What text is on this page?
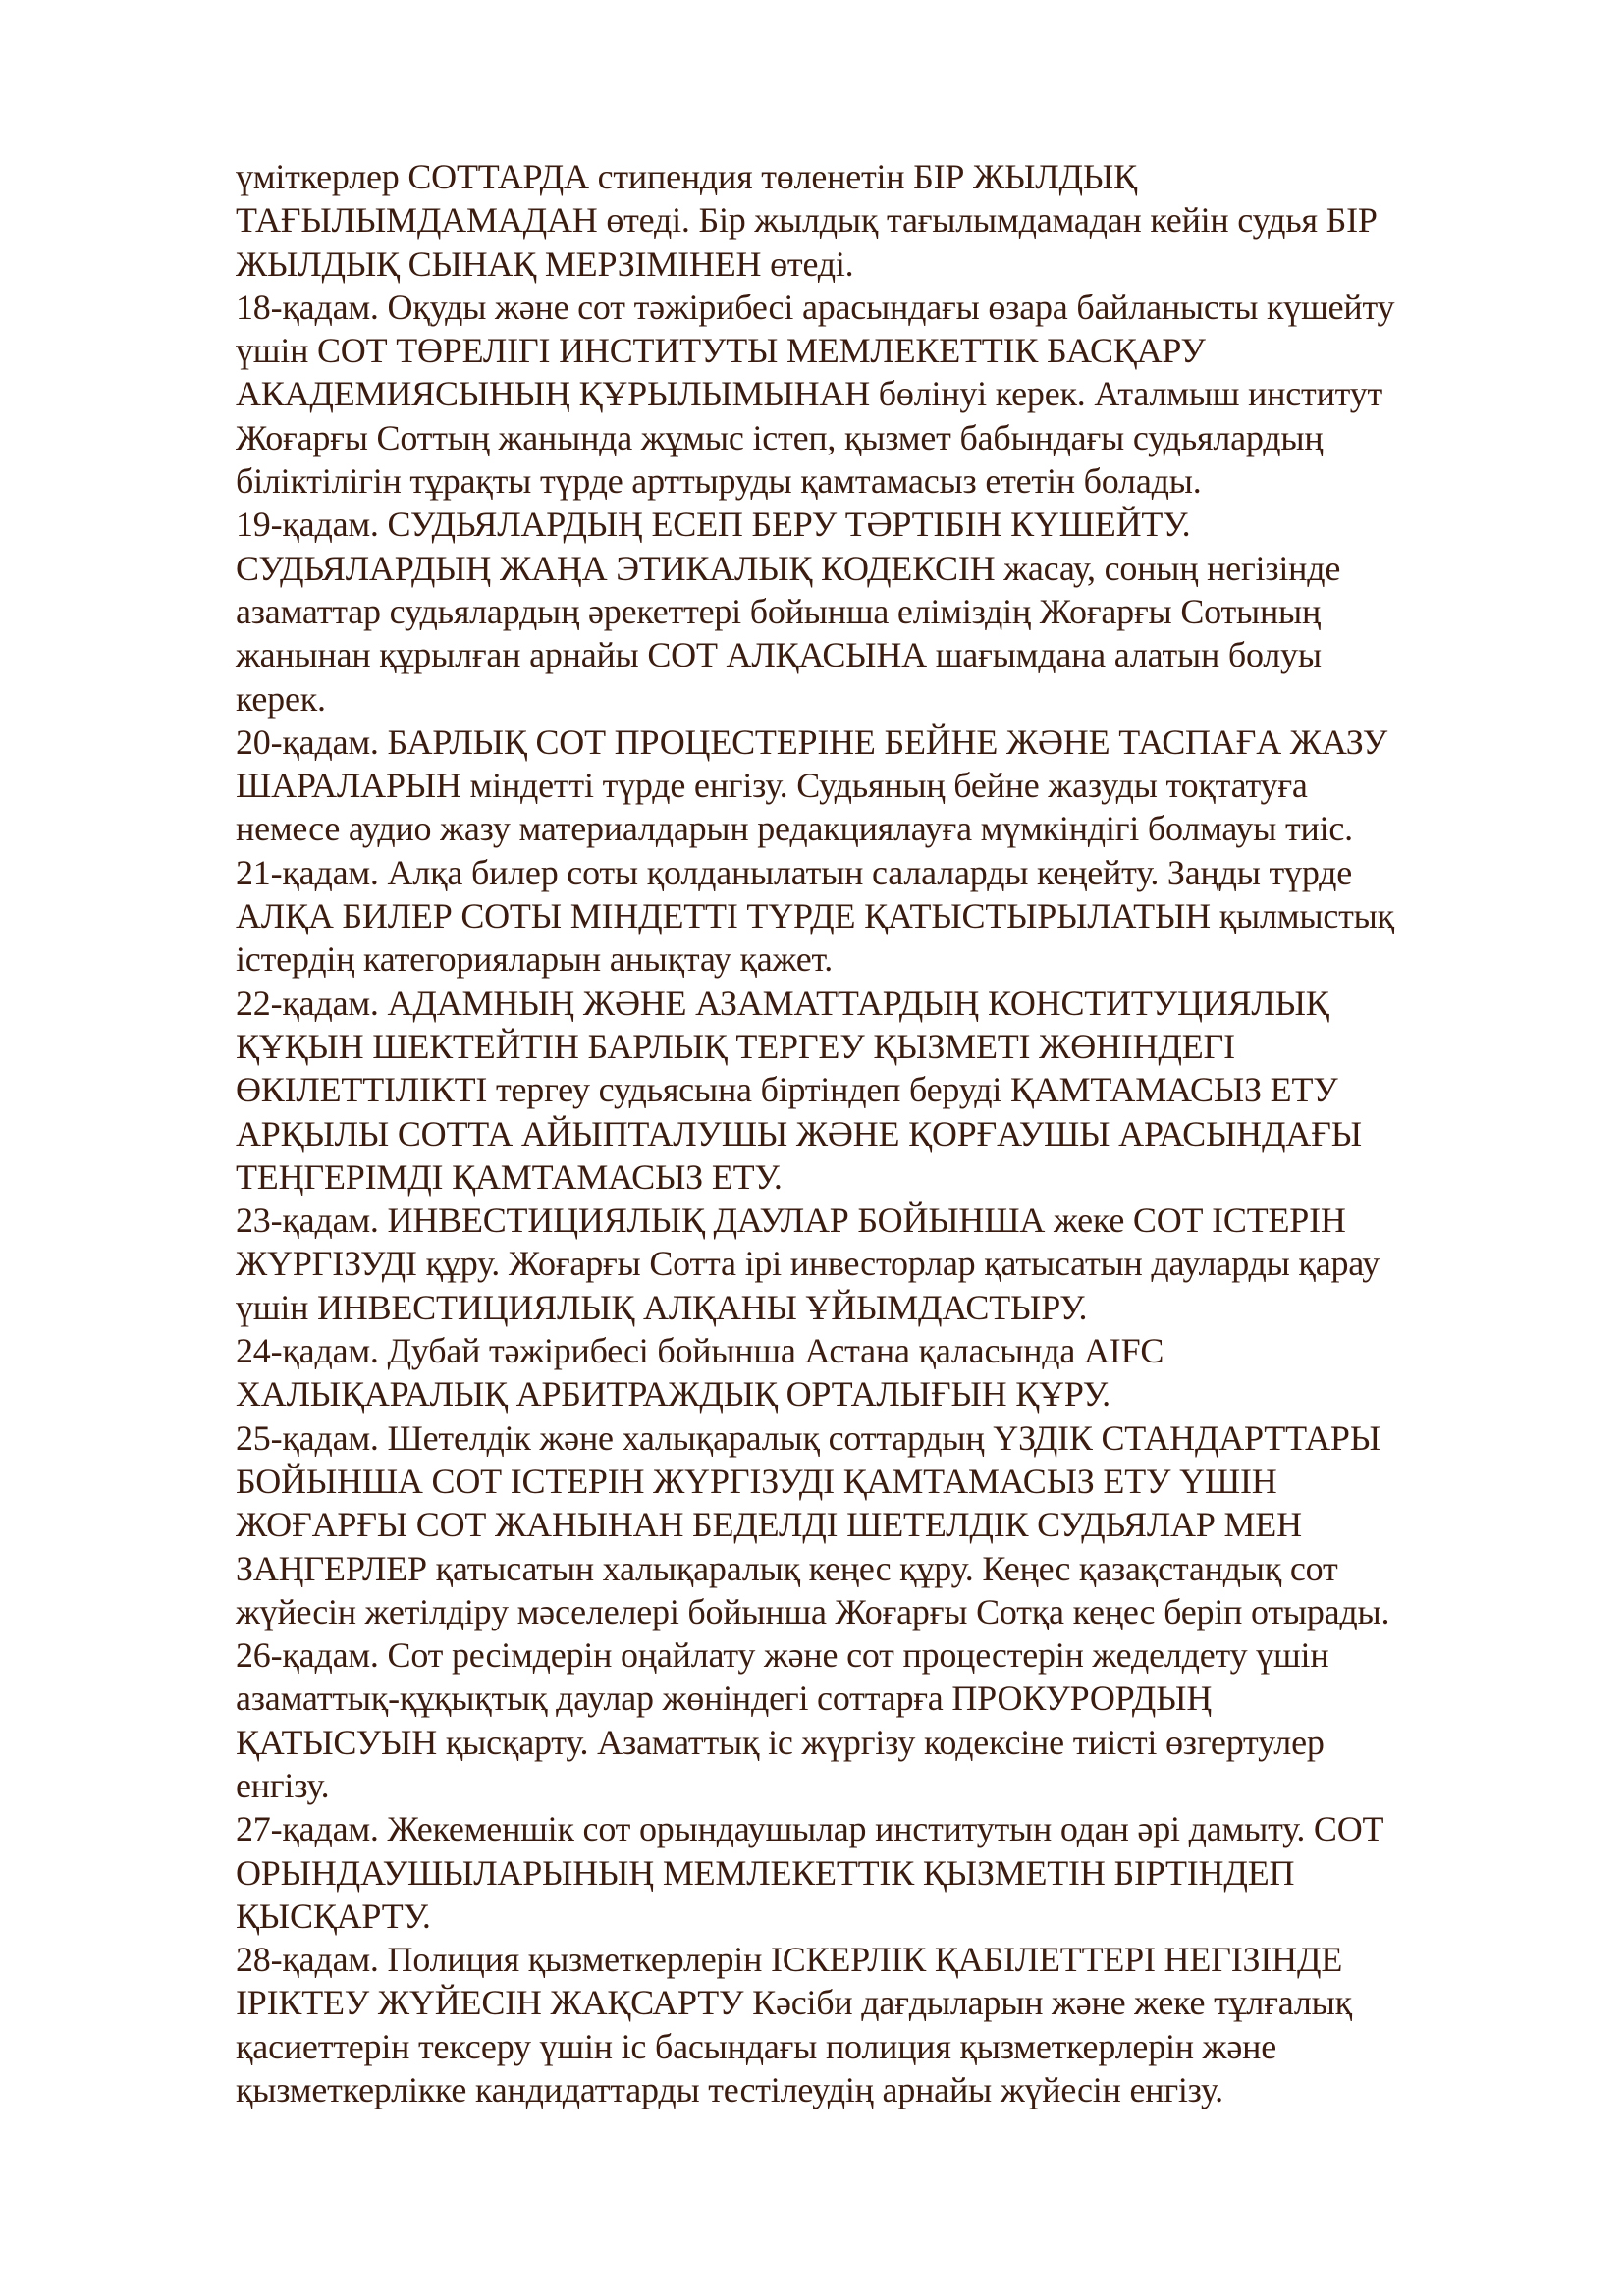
үміткерлер СОТТАРДА стипендия төленетін БІР ЖЫЛДЫҚ
ТАҒЫЛЫМДАМАДАН өтеді. Бір жылдық тағылымдамадан кейін судья БІР
ЖЫЛДЫҚ СЫНАҚ МЕРЗІМІНЕН өтеді.
18-қадам. Оқуды және сот тәжірибесі арасындағы өзара байланысты күшейту
үшін СОТ ТӨРЕЛІГІ ИНСТИТУТЫ МЕМЛЕКЕТТІК БАСҚАРУ
АКАДЕМИЯСЫНЫҢ ҚҰРЫЛЫМЫНАН бөлінуі керек. Аталмыш институт
Жоғарғы Соттың жанында жұмыс істеп, қызмет бабындағы судьялардың
біліктілігін тұрақты түрде арттыруды қамтамасыз ететін болады.
19-қадам. СУДЬЯЛАРДЫҢ ЕСЕП БЕРУ ТӘРТІБІН КҮШЕЙТУ.
СУДЬЯЛАРДЫҢ ЖАҢА ЭТИКАЛЫҚ КОДЕКСІН жасау, соның негізінде
азаматтар судьялардың әрекеттері бойынша еліміздің Жоғарғы Сотының
жанынан құрылған арнайы СОТ АЛҚАСЫНА шағымдана алатын болуы
керек.
20-қадам. БАРЛЫҚ СОТ ПРОЦЕСТЕРІНЕ БЕЙНЕ ЖӘНЕ ТАСПАҒА ЖАЗУ
ШАРАЛАРЫН міндетті түрде енгізу. Судьяның бейне жазуды тоқтатуға
немесе аудио жазу материалдарын редакциялауға мүмкіндігі болмауы тиіс.
21-қадам. Алқа билер соты қолданылатын салаларды кеңейту. Заңды түрде
АЛҚА БИЛЕР СОТЫ МІНДЕТТІ ТҮРДЕ ҚАТЫСТЫРЫЛАТЫН қылмыстық
істердің категорияларын анықтау қажет.
22-қадам. АДАМНЫҢ ЖӘНЕ АЗАМАТТАРДЫҢ КОНСТИТУЦИЯЛЫҚ
ҚҰҚЫН ШЕКТЕЙТІН БАРЛЫҚ ТЕРГЕУ ҚЫЗМЕТІ ЖӨНІНДЕГІ
ӨКІЛЕТТІЛІКТІ тергеу судьясына біртіндеп беруді ҚАМТАМАСЫЗ ЕТУ
АРҚЫЛЫ СОТТА АЙЫПТАЛУШЫ ЖӘНЕ ҚОРҒАУШЫ АРАСЫНДАҒЫ
ТЕҢГЕРІМДІ ҚАМТАМАСЫЗ ЕТУ.
23-қадам. ИНВЕСТИЦИЯЛЫҚ ДАУЛАР БОЙЫНША жеке СОТ ІСТЕРІН
ЖҮРГІЗУДІ құру. Жоғарғы Сотта ірі инвесторлар қатысатын дауларды қарау
үшін ИНВЕСТИЦИЯЛЫҚ АЛҚАНЫ ҰЙЫМДАСТЫРУ.
24-қадам. Дубай тәжірибесі бойынша Астана қаласында AIFC
ХАЛЫҚАРАЛЫҚ АРБИТРАЖДЫҚ ОРТАЛЫҒЫН ҚҰРУ.
25-қадам. Шетелдік және халықаралық соттардың ҮЗДІК СТАНДАРТТАРЫ
БОЙЫНША СОТ ІСТЕРІН ЖҮРГІЗУДІ ҚАМТАМАСЫЗ ЕТУ ҮШІН
ЖОҒАРҒЫ СОТ ЖАНЫНАН БЕДЕЛДІ ШЕТЕЛДІК СУДЬЯЛАР МЕН
ЗАҢГЕРЛЕР қатысатын халықаралық кеңес құру. Кеңес қазақстандық сот
жүйесін жетілдіру мәселелері бойынша Жоғарғы Сотқа кеңес беріп отырады.
26-қадам. Сот ресімдерін оңайлату және сот процестерін жеделдету үшін
азаматтық-құқықтық даулар жөніндегі соттарға ПРОКУРОРДЫҢ
ҚАТЫСУЫН қысқарту. Азаматтық іс жүргізу кодексіне тиісті өзгертулер
енгізу.
27-қадам. Жекеменшік сот орындаушылар институтын одан әрі дамыту. СОТ
ОРЫНДАУШЫЛАРЫНЫҢ МЕМЛЕКЕТТІК ҚЫЗМЕТІН БІРТІНДЕП
ҚЫСҚАРТУ.
28-қадам. Полиция қызметкерлерін ІСКЕРЛІК ҚАБІЛЕТТЕРІ НЕГІЗІНДЕ
ІРІКТЕУ ЖҮЙЕСІН ЖАҚСАРТУ Кәсіби дағдыларын және жеке тұлғалық
қасиеттерін тексеру үшін іс басындағы полиция қызметкерлерін және
қызметкерлікке кандидаттарды тестілеудің арнайы жүйесін енгізу.
